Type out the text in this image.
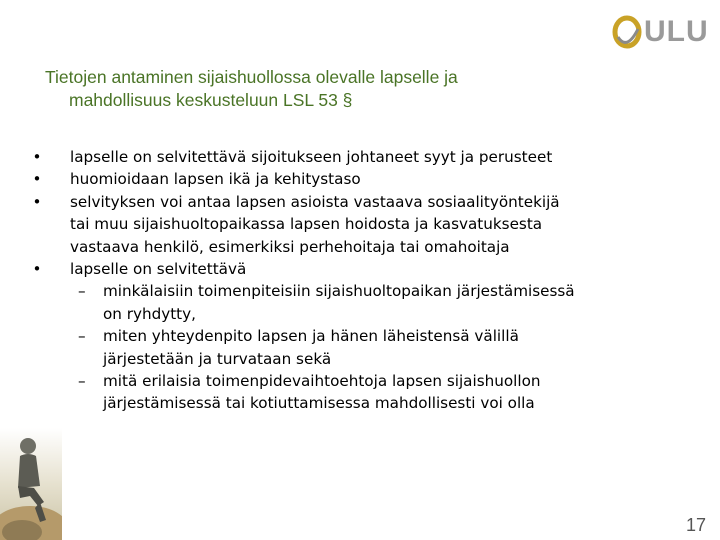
ULU
Tietojen antaminen sijaishuollossa olevalle lapselle ja
mahdollisuus keskusteluun LSL 53 §
• lapselle on selvitettävä sijoitukseen johtaneet syyt ja perusteet
• huomioidaan lapsen ikä ja kehitystaso
• selvityksen voi antaa lapsen asioista vastaava sosiaalityöntekijä
tai muu sijaishuoltopaikassa lapsen hoidosta ja kasvatuksesta
vastaava henkilö, esimerkiksi perhehoitaja tai omahoitaja
• lapselle on selvitettävä
– minkälaisiin toimenpiteisiin sijaishuoltopaikan järjestämisessä
on ryhdytty,
– miten yhteydenpito lapsen ja hänen läheistensä välillä
järjestetään ja turvataan sekä
– mitä erilaisia toimenpidevaihtoehtoja lapsen sijaishuollon
järjestämisessä tai kotiuttamisessa mahdollisesti voi olla
17
